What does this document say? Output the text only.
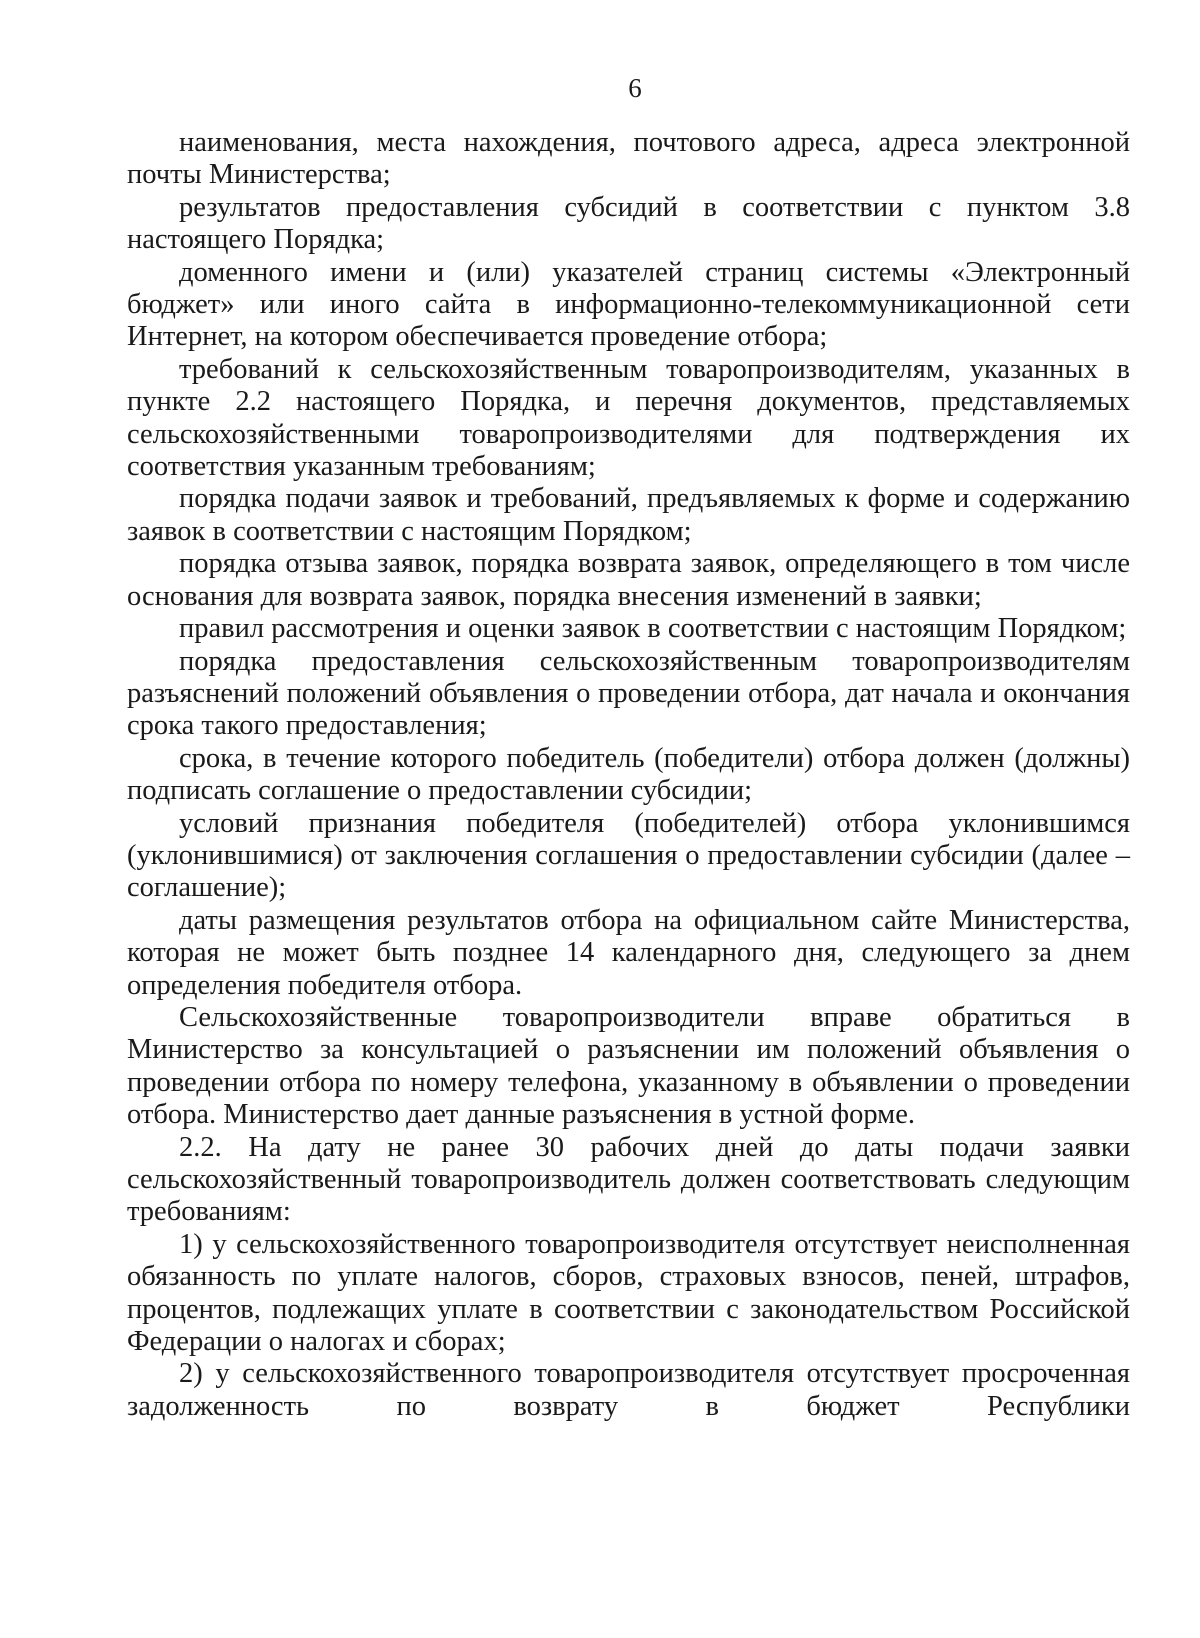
6

наименования, места нахождения, почтового адреса, адреса электронной почты Министерства;

результатов предоставления субсидий в соответствии с пунктом 3.8 настоящего Порядка;

доменного имени и (или) указателей страниц системы «Электронный бюджет» или иного сайта в информационно-телекоммуникационной сети Интернет, на котором обеспечивается проведение отбора;

требований к сельскохозяйственным товаропроизводителям, указанных в пункте 2.2 настоящего Порядка, и перечня документов, представляемых сельскохозяйственными товаропроизводителями для подтверждения их соответствия указанным требованиям;

порядка подачи заявок и требований, предъявляемых к форме и содержанию заявок в соответствии с настоящим Порядком;

порядка отзыва заявок, порядка возврата заявок, определяющего в том числе основания для возврата заявок, порядка внесения изменений в заявки;

правил рассмотрения и оценки заявок в соответствии с настоящим Порядком;

порядка предоставления сельскохозяйственным товаропроизводителям разъяснений положений объявления о проведении отбора, дат начала и окончания срока такого предоставления;

срока, в течение которого победитель (победители) отбора должен (должны) подписать соглашение о предоставлении субсидии;

условий признания победителя (победителей) отбора уклонившимся (уклонившимися) от заключения соглашения о предоставлении субсидии (далее – соглашение);

даты размещения результатов отбора на официальном сайте Министерства, которая не может быть позднее 14 календарного дня, следующего за днем определения победителя отбора.

Сельскохозяйственные товаропроизводители вправе обратиться в Министерство за консультацией о разъяснении им положений объявления о проведении отбора по номеру телефона, указанному в объявлении о проведении отбора. Министерство дает данные разъяснения в устной форме.

2.2. На дату не ранее 30 рабочих дней до даты подачи заявки сельскохозяйственный товаропроизводитель должен соответствовать следующим требованиям:

1) у сельскохозяйственного товаропроизводителя отсутствует неисполненная обязанность по уплате налогов, сборов, страховых взносов, пеней, штрафов, процентов, подлежащих уплате в соответствии с законодательством Российской Федерации о налогах и сборах;

2) у сельскохозяйственного товаропроизводителя отсутствует просроченная задолженность по возврату в бюджет Республики
